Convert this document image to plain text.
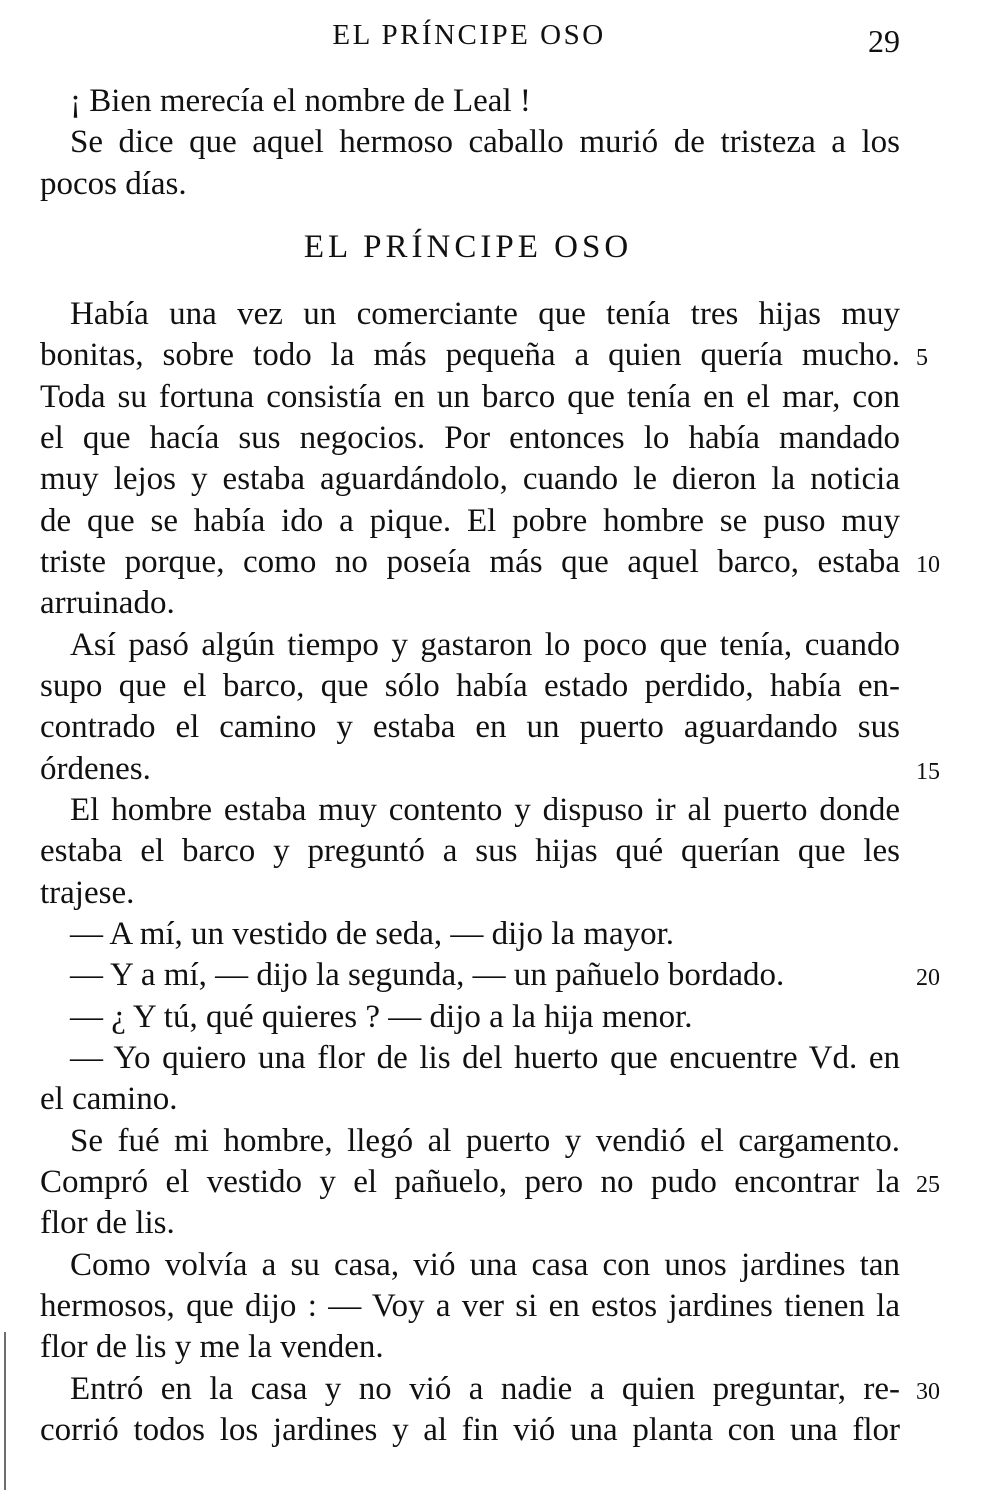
EL PRÍNCIPE OSO	29
¡ Bien merecía el nombre de Leal !
Se dice que aquel hermoso caballo murió de tristeza a los
pocos días.
EL PRÍNCIPE OSO
Había una vez un comerciante que tenía tres hijas muy
bonitas, sobre todo la más pequeña a quien quería mucho. 5
Toda su fortuna consistía en un barco que tenía en el mar, con
el que hacía sus negocios. Por entonces lo había mandado
muy lejos y estaba aguardándolo, cuando le dieron la noticia
de que se había ido a pique. El pobre hombre se puso muy
triste porque, como no poseía más que aquel barco, estaba 10
arruinado.
Así pasó algún tiempo y gastaron lo poco que tenía, cuando
supo que el barco, que sólo había estado perdido, había en-
contrado el camino y estaba en un puerto aguardando sus
órdenes.	15
El hombre estaba muy contento y dispuso ir al puerto donde
estaba el barco y preguntó a sus hijas qué querían que les
trajese.
— A mí, un vestido de seda, — dijo la mayor.
— Y a mí, — dijo la segunda, — un pañuelo bordado.	20
— ¿ Y tú, qué quieres ? — dijo a la hija menor.
— Yo quiero una flor de lis del huerto que encuentre Vd. en
el camino.
Se fué mi hombre, llegó al puerto y vendió el cargamento.
Compró el vestido y el pañuelo, pero no pudo encontrar la 25
flor de lis.
Como volvía a su casa, vió una casa con unos jardines tan
hermosos, que dijo : — Voy a ver si en estos jardines tienen la
flor de lis y me la venden.
Entró en la casa y no vió a nadie a quien preguntar, re- 30
corrió todos los jardines y al fin vió una planta con una flor
